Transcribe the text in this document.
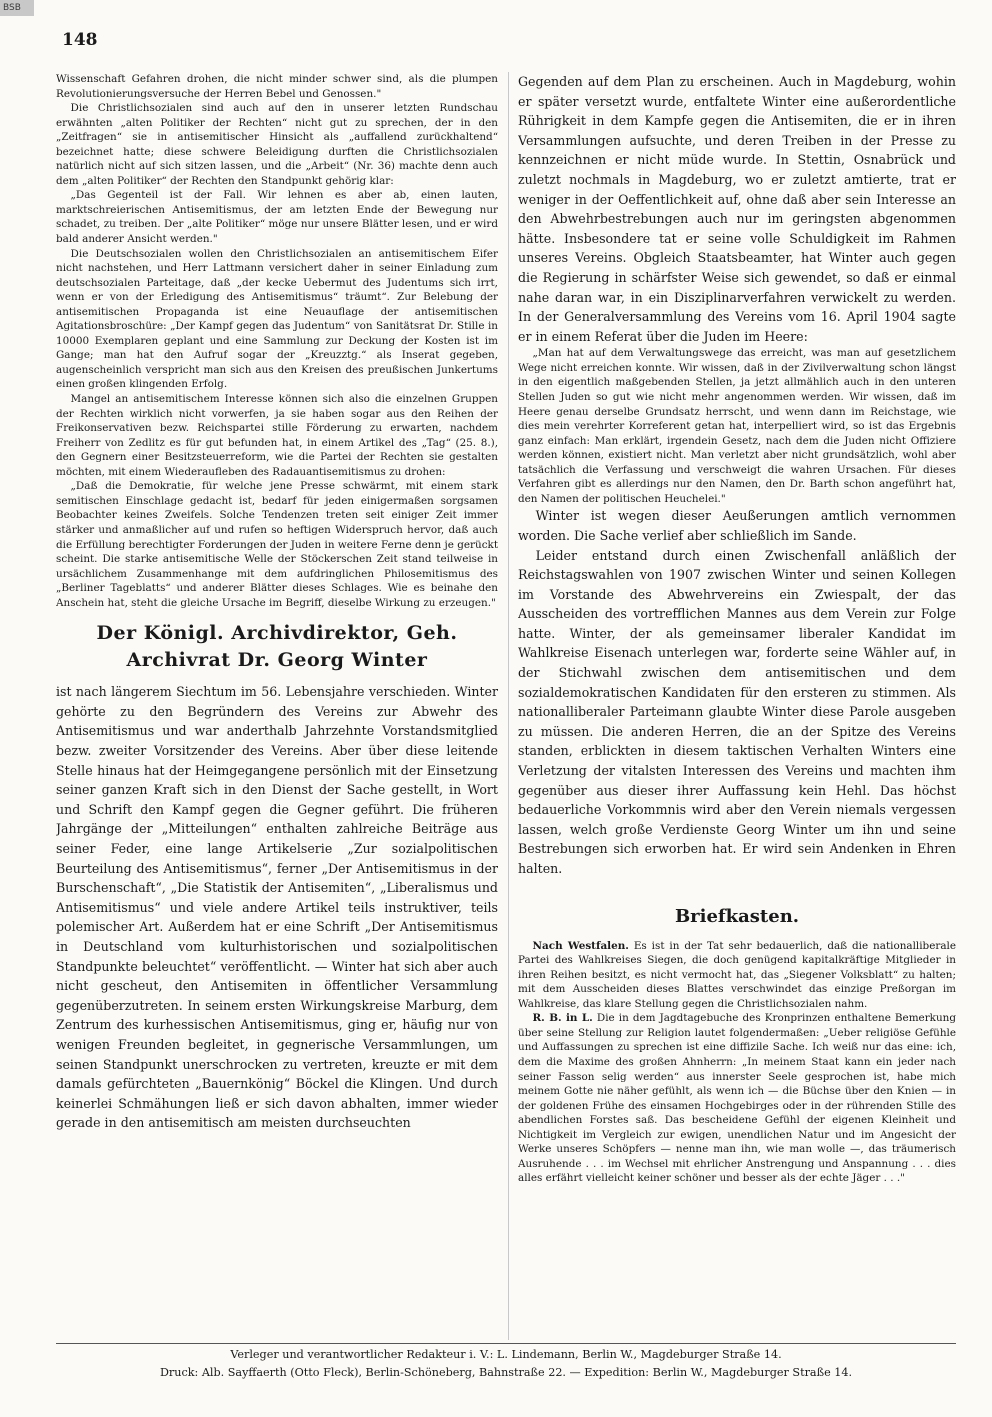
BSB
148

Wissenschaft Gefahren drohen, die nicht minder schwer sind, als die plumpen Revolutionierungsversuche der Herren Bebel und Genossen."

Die Christlichsozialen sind auch auf den in unserer letzten Rundschau erwähnten „alten Politiker der Rechten“ nicht gut zu sprechen, der in den „Zeitfragen“ sie in antisemitischer Hinsicht als „auffallend zurückhaltend“ bezeichnet hatte; diese schwere Beleidigung durften die Christlichsozialen natürlich nicht auf sich sitzen lassen, und die „Arbeit“ (Nr. 36) machte denn auch dem „alten Politiker“ der Rechten den Standpunkt gehörig klar:

„Das Gegenteil ist der Fall. Wir lehnen es aber ab, einen lauten, marktschreierischen Antisemitismus, der am letzten Ende der Bewegung nur schadet, zu treiben. Der „alte Politiker“ möge nur unsere Blätter lesen, und er wird bald anderer Ansicht werden."

Die Deutschsozialen wollen den Christlichsozialen an antisemitischem Eifer nicht nachstehen, und Herr Lattmann versichert daher in seiner Einladung zum deutschsozialen Parteitage, daß „der kecke Uebermut des Judentums sich irrt, wenn er von der Erledigung des Antisemitismus“ träumt“. Zur Belebung der antisemitischen Propaganda ist eine Neuauflage der antisemitischen Agitationsbroschüre: „Der Kampf gegen das Judentum“ von Sanitätsrat Dr. Stille in 10000 Exemplaren geplant und eine Sammlung zur Deckung der Kosten ist im Gange; man hat den Aufruf sogar der „Kreuzztg.“ als Inserat gegeben, augenscheinlich verspricht man sich aus den Kreisen des preußischen Junkertums einen großen klingenden Erfolg.

Mangel an antisemitischem Interesse können sich also die einzelnen Gruppen der Rechten wirklich nicht vorwerfen, ja sie haben sogar aus den Reihen der Freikonservativen bezw. Reichspartei stille Förderung zu erwarten, nachdem Freiherr von Zedlitz es für gut befunden hat, in einem Artikel des „Tag“ (25. 8.), den Gegnern einer Besitzsteuerreform, wie die Partei der Rechten sie gestalten möchten, mit einem Wiederaufleben des Radauantisemitismus zu drohen:

„Daß die Demokratie, für welche jene Presse schwärmt, mit einem stark semitischen Einschlage gedacht ist, bedarf für jeden einigermaßen sorgsamen Beobachter keines Zweifels. Solche Tendenzen treten seit einiger Zeit immer stärker und anmaßlicher auf und rufen so heftigen Widerspruch hervor, daß auch die Erfüllung berechtigter Forderungen der Juden in weitere Ferne denn je gerückt scheint. Die starke antisemitische Welle der Stöckerschen Zeit stand teilweise in ursächlichem Zusammenhange mit dem aufdringlichen Philosemitismus des „Berliner Tageblatts“ und anderer Blätter dieses Schlages. Wie es beinahe den Anschein hat, steht die gleiche Ursache im Begriff, dieselbe Wirkung zu erzeugen."

Der Königl. Archivdirektor, Geh. Archivrat Dr. Georg Winter

ist nach längerem Siechtum im 56. Lebensjahre verschieden. Winter gehörte zu den Begründern des Vereins zur Abwehr des Antisemitismus und war anderthalb Jahrzehnte Vorstandsmitglied bezw. zweiter Vorsitzender des Vereins. Aber über diese leitende Stelle hinaus hat der Heimgegangene persönlich mit der Einsetzung seiner ganzen Kraft sich in den Dienst der Sache gestellt, in Wort und Schrift den Kampf gegen die Gegner geführt. Die früheren Jahrgänge der „Mitteilungen“ enthalten zahlreiche Beiträge aus seiner Feder, eine lange Artikelserie „Zur sozialpolitischen Beurteilung des Antisemitismus“, ferner „Der Antisemitismus in der Burschenschaft“, „Die Statistik der Antisemiten“, „Liberalismus und Antisemitismus“ und viele andere Artikel teils instruktiver, teils polemischer Art. Außerdem hat er eine Schrift „Der Antisemitismus in Deutschland vom kulturhistorischen und sozialpolitischen Standpunkte beleuchtet“ veröffentlicht. — Winter hat sich aber auch nicht gescheut, den Antisemiten in öffentlicher Versammlung gegenüberzutreten. In seinem ersten Wirkungskreise Marburg, dem Zentrum des kurhessischen Antisemitismus, ging er, häufig nur von wenigen Freunden begleitet, in gegnerische Versammlungen, um seinen Standpunkt unerschrocken zu vertreten, kreuzte er mit dem damals gefürchteten „Bauernkönig“ Böckel die Klingen. Und durch keinerlei Schmähungen ließ er sich davon abhalten, immer wieder gerade in den antisemitisch am meisten durchseuchten

Gegenden auf dem Plan zu erscheinen. Auch in Magdeburg, wohin er später versetzt wurde, entfaltete Winter eine außerordentliche Rührigkeit in dem Kampfe gegen die Antisemiten, die er in ihren Versammlungen aufsuchte, und deren Treiben in der Presse zu kennzeichnen er nicht müde wurde. In Stettin, Osnabrück und zuletzt nochmals in Magdeburg, wo er zuletzt amtierte, trat er weniger in der Oeffentlichkeit auf, ohne daß aber sein Interesse an den Abwehrbestrebungen auch nur im geringsten abgenommen hätte. Insbesondere tat er seine volle Schuldigkeit im Rahmen unseres Vereins. Obgleich Staatsbeamter, hat Winter auch gegen die Regierung in schärfster Weise sich gewendet, so daß er einmal nahe daran war, in ein Disziplinarverfahren verwickelt zu werden. In der Generalversammlung des Vereins vom 16. April 1904 sagte er in einem Referat über die Juden im Heere:

„Man hat auf dem Verwaltungswege das erreicht, was man auf gesetzlichem Wege nicht erreichen konnte. Wir wissen, daß in der Zivilverwaltung schon längst in den eigentlich maßgebenden Stellen, ja jetzt allmählich auch in den unteren Stellen Juden so gut wie nicht mehr angenommen werden. Wir wissen, daß im Heere genau derselbe Grundsatz herrscht, und wenn dann im Reichstage, wie dies mein verehrter Korreferent getan hat, interpelliert wird, so ist das Ergebnis ganz einfach: Man erklärt, irgendein Gesetz, nach dem die Juden nicht Offiziere werden können, existiert nicht. Man verletzt aber nicht grundsätzlich, wohl aber tatsächlich die Verfassung und verschweigt die wahren Ursachen. Für dieses Verfahren gibt es allerdings nur den Namen, den Dr. Barth schon angeführt hat, den Namen der politischen Heuchelei."

Winter ist wegen dieser Aeußerungen amtlich vernommen worden. Die Sache verlief aber schließlich im Sande.

Leider entstand durch einen Zwischenfall anläßlich der Reichstagswahlen von 1907 zwischen Winter und seinen Kollegen im Vorstande des Abwehrvereins ein Zwiespalt, der das Ausscheiden des vortrefflichen Mannes aus dem Verein zur Folge hatte. Winter, der als gemeinsamer liberaler Kandidat im Wahlkreise Eisenach unterlegen war, forderte seine Wähler auf, in der Stichwahl zwischen dem antisemitischen und dem sozialdemokratischen Kandidaten für den ersteren zu stimmen. Als nationalliberaler Parteimann glaubte Winter diese Parole ausgeben zu müssen. Die anderen Herren, die an der Spitze des Vereins standen, erblickten in diesem taktischen Verhalten Winters eine Verletzung der vitalsten Interessen des Vereins und machten ihm gegenüber aus dieser ihrer Auffassung kein Hehl. Das höchst bedauerliche Vorkommnis wird aber den Verein niemals vergessen lassen, welch große Verdienste Georg Winter um ihn und seine Bestrebungen sich erworben hat. Er wird sein Andenken in Ehren halten.

Briefkasten.

Nach Westfalen. Es ist in der Tat sehr bedauerlich, daß die nationalliberale Partei des Wahlkreises Siegen, die doch genügend kapitalkräftige Mitglieder in ihren Reihen besitzt, es nicht vermocht hat, das „Siegener Volksblatt“ zu halten; mit dem Ausscheiden dieses Blattes verschwindet das einzige Preßorgan im Wahlkreise, das klare Stellung gegen die Christlichsozialen nahm.

R. B. in L. Die in dem Jagdtagebuche des Kronprinzen enthaltene Bemerkung über seine Stellung zur Religion lautet folgendermaßen: „Ueber religiöse Gefühle und Auffassungen zu sprechen ist eine diffizile Sache. Ich weiß nur das eine: ich, dem die Maxime des großen Ahnherrn: „In meinem Staat kann ein jeder nach seiner Fasson selig werden“ aus innerster Seele gesprochen ist, habe mich meinem Gotte nie näher gefühlt, als wenn ich — die Büchse über den Knien — in der goldenen Frühe des einsamen Hochgebirges oder in der rührenden Stille des abendlichen Forstes saß. Das bescheidene Gefühl der eigenen Kleinheit und Nichtigkeit im Vergleich zur ewigen, unendlichen Natur und im Angesicht der Werke unseres Schöpfers — nenne man ihn, wie man wolle —, das träumerisch Ausruhende . . . im Wechsel mit ehrlicher Anstrengung und Anspannung . . . dies alles erfährt vielleicht keiner schöner und besser als der echte Jäger . . ."

Verleger und verantwortlicher Redakteur i. V.: L. Lindemann, Berlin W., Magdeburger Straße 14.
Druck: Alb. Sayffaerth (Otto Fleck), Berlin-Schöneberg, Bahnstraße 22. — Expedition: Berlin W., Magdeburger Straße 14.
